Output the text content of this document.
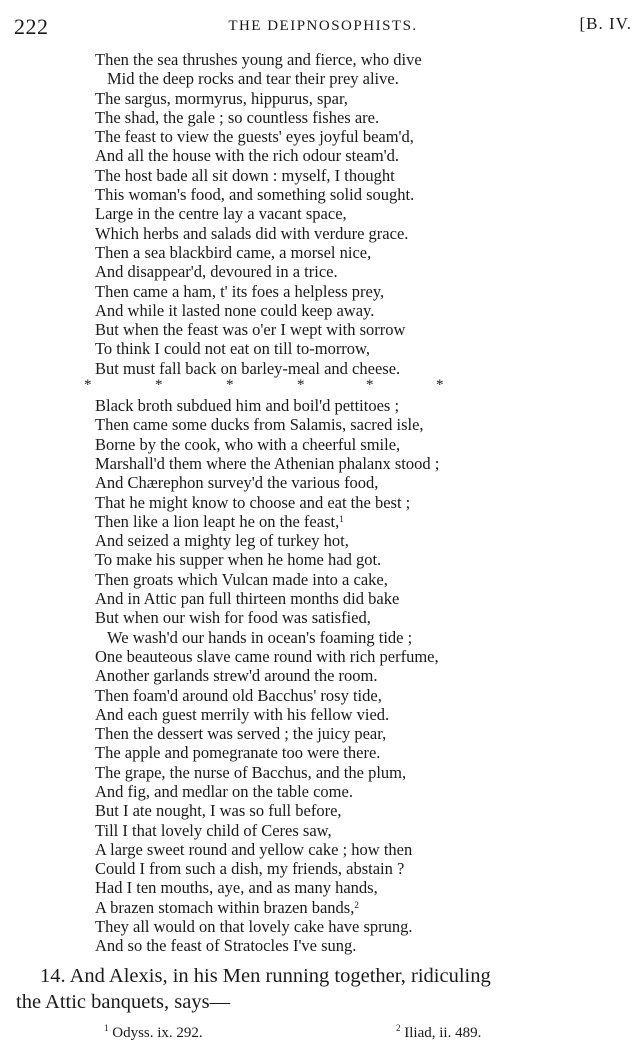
222	THE DEIPNOSOPHISTS.	[B. IV.
Then the sea thrushes young and fierce, who dive
Mid the deep rocks and tear their prey alive.
The sargus, mormyrus, hippurus, spar,
The shad, the gale ; so countless fishes are.
The feast to view the guests' eyes joyful beam'd,
And all the house with the rich odour steam'd.
The host bade all sit down : myself, I thought
This woman's food, and something solid sought.
Large in the centre lay a vacant space,
Which herbs and salads did with verdure grace.
Then a sea blackbird came, a morsel nice,
And disappear'd, devoured in a trice.
Then came a ham, t' its foes a helpless prey,
And while it lasted none could keep away.
But when the feast was o'er I wept with sorrow
To think I could not eat on till to-morrow,
But must fall back on barley-meal and cheese.
*	*	*	*	*	*
Black broth subdued him and boil'd pettitoes ;
Then came some ducks from Salamis, sacred isle,
Borne by the cook, who with a cheerful smile,
Marshall'd them where the Athenian phalanx stood ;
And Chærephon survey'd the various food,
That he might know to choose and eat the best ;
Then like a lion leapt he on the feast,$^1$
And seized a mighty leg of turkey hot,
To make his supper when he home had got.
Then groats which Vulcan made into a cake,
And in Attic pan full thirteen months did bake
But when our wish for food was satisfied,
We wash'd our hands in ocean's foaming tide ;
One beauteous slave came round with rich perfume,
Another garlands strew'd around the room.
Then foam'd around old Bacchus' rosy tide,
And each guest merrily with his fellow vied.
Then the dessert was served ; the juicy pear,
The apple and pomegranate too were there.
The grape, the nurse of Bacchus, and the plum,
And fig, and medlar on the table come.
But I ate nought, I was so full before,
Till I that lovely child of Ceres saw,
A large sweet round and yellow cake ; how then
Could I from such a dish, my friends, abstain ?
Had I ten mouths, aye, and as many hands,
A brazen stomach within brazen bands,$^2$
They all would on that lovely cake have sprung.
And so the feast of Stratocles I've sung.

14. And Alexis, in his Men running together, ridiculing

the Attic banquets, says—

$^1$ Odyss. ix. 292.	$^2$ Iliad, ii. 489.
